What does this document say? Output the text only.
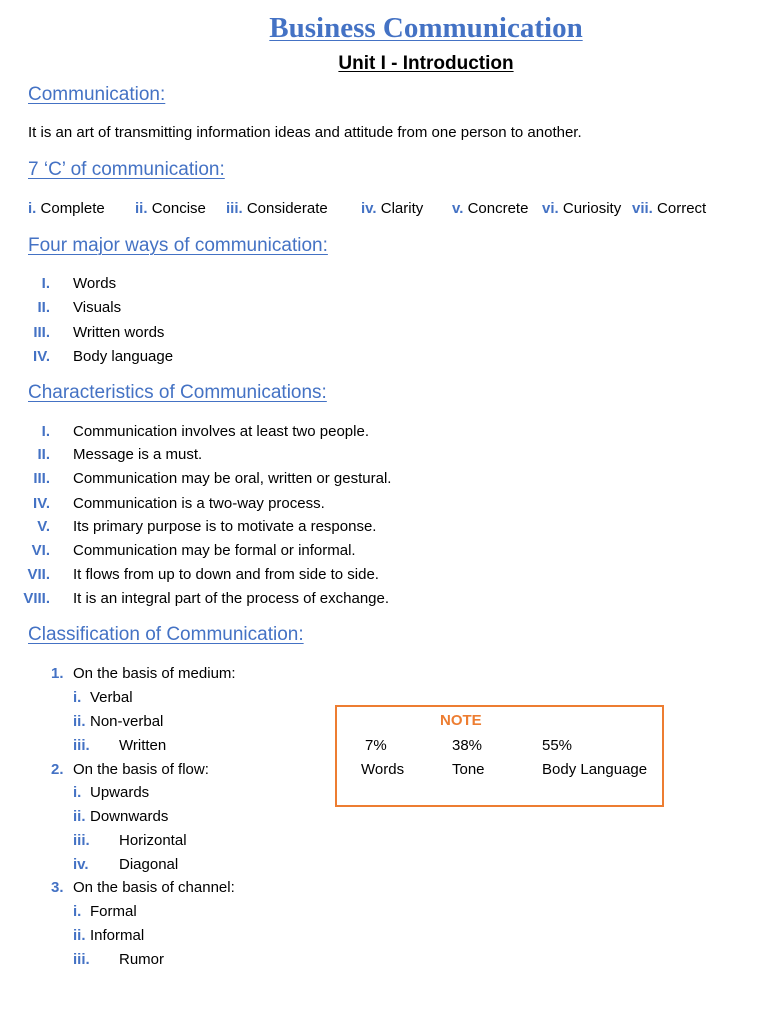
Business Communication
Unit I - Introduction
Communication:
It is an art of transmitting information ideas and attitude from one person to another.
7 ‘C’ of communication:
i. Complete ii. Concise iii. Considerate iv. Clarity v. Concrete vi. Curiosity vii. Correct
Four major ways of communication:
I. Words
II. Visuals
III. Written words
IV. Body language
Characteristics of Communications:
I. Communication involves at least two people.
II. Message is a must.
III. Communication may be oral, written or gestural.
IV. Communication is a two-way process.
V. Its primary purpose is to motivate a response.
VI. Communication may be formal or informal.
VII. It flows from up to down and from side to side.
VIII. It is an integral part of the process of exchange.
Classification of Communication:
1. On the basis of medium:
i. Verbal
ii. Non-verbal
iii. Written
2. On the basis of flow:
i. Upwards
ii. Downwards
iii. Horizontal
iv. Diagonal
3. On the basis of channel:
i. Formal
ii. Informal
iii. Rumor
NOTE
7%	38%	55%
Words	Tone	Body Language
